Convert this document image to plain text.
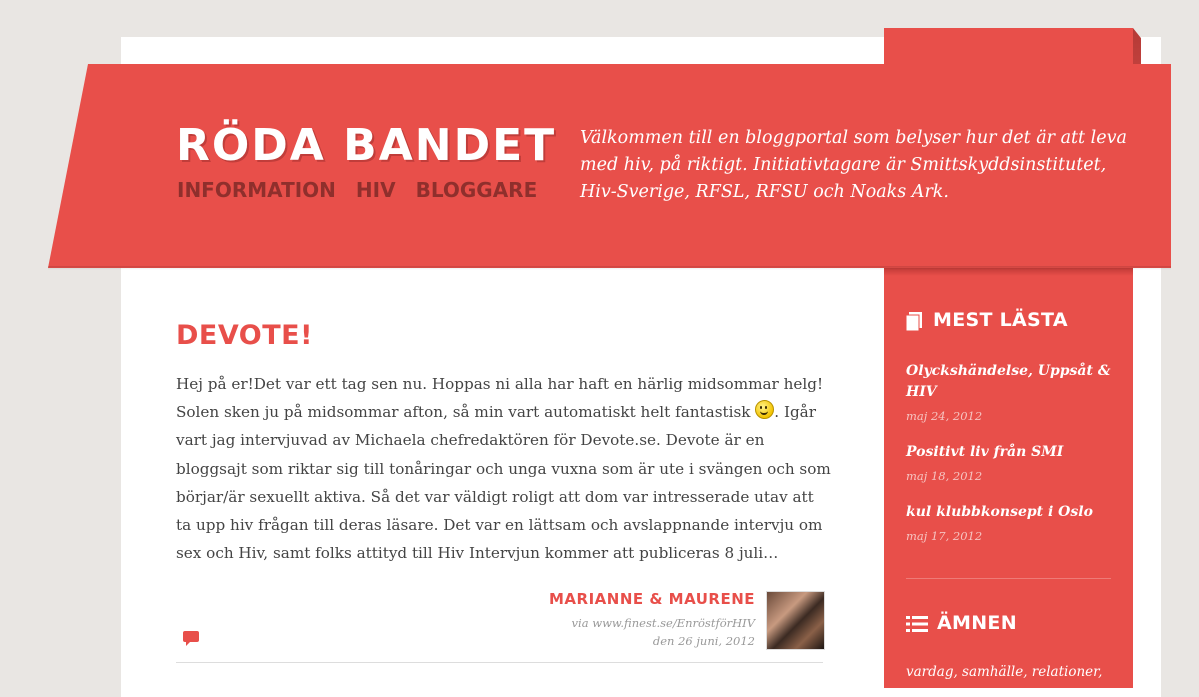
RÖDA BANDET
INFORMATION HIV BLOGGARE

Välkommen till en bloggportal som belyser hur det är att leva med hiv, på riktigt. Initiativtagare är Smittskyddsinstitutet, Hiv-Sverige, RFSL, RFSU och Noaks Ark.

DEVOTE!

Hej på er!Det var ett tag sen nu. Hoppas ni alla har haft en härlig midsommar helg! Solen sken ju på midsommar afton, så min vart automatiskt helt fantastisk . Igår vart jag intervjuvad av Michaela chefredaktören för Devote.se. Devote är en bloggsajt som riktar sig till tonåringar och unga vuxna som är ute i svängen och som börjar/är sexuellt aktiva. Så det var väldigt roligt att dom var intresserade utav att ta upp hiv frågan till deras läsare. Det var en lättsam och avslappnande intervju om sex och Hiv, samt folks attityd till Hiv Intervjun kommer att publiceras 8 juli…

MARIANNE & MAURENE
via www.finest.se/EnröstförHIV
den 26 juni, 2012
MEST LÄSTA
Olyckshändelse, Uppsåt & HIV
maj 24, 2012
Positivt liv från SMI
maj 18, 2012
kul klubbkonsept i Oslo
maj 17, 2012
ÄMNEN
vardag, samhälle, relationer,
